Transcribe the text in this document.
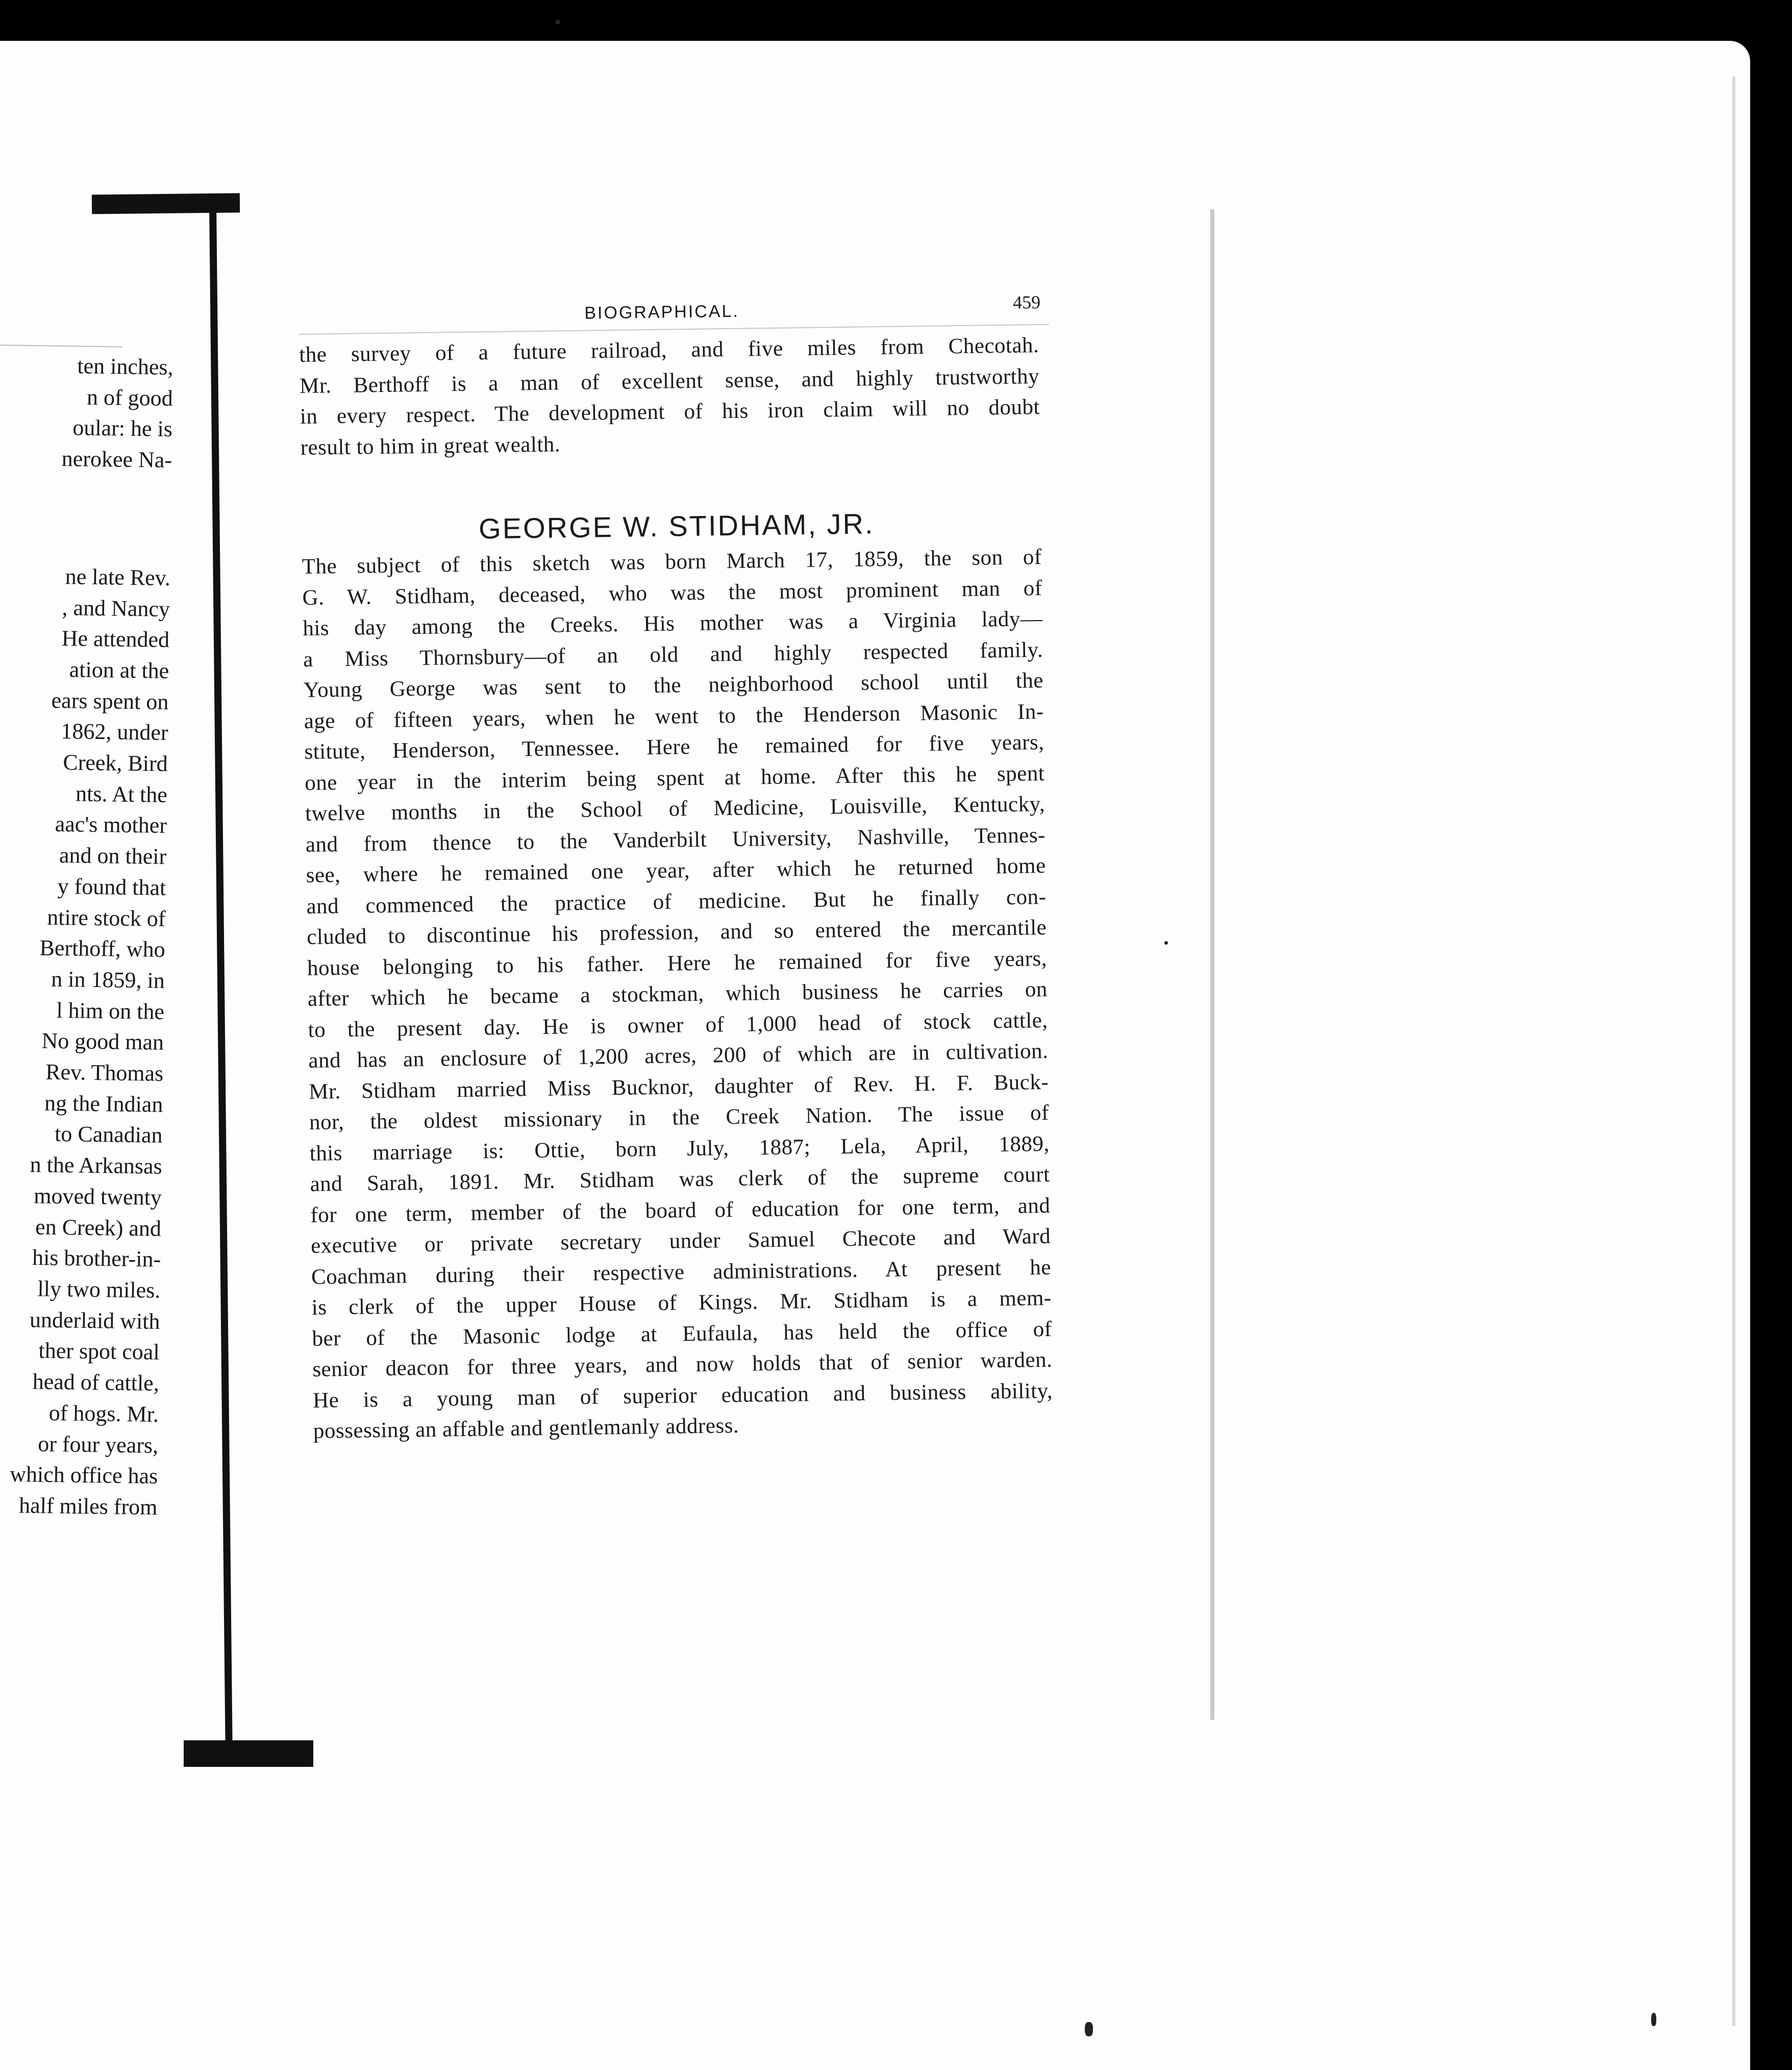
ten inches,
n of good
oular: he is
nerokee Na-
ne late Rev.
, and Nancy
He attended
ation at the
ears spent on
1862, under
Creek, Bird
nts. At the
aac's mother
and on their
y found that
ntire stock of
Berthoff, who
n in 1859, in
l him on the
No good man
Rev. Thomas
ng the Indian
to Canadian
n the Arkansas
moved twenty
en Creek) and
his brother-in-
lly two miles.
underlaid with
ther spot coal
head of cattle,
of hogs. Mr.
or four years,
which office has
half miles from
BIOGRAPHICAL.	459
the survey of a future railroad, and five miles from Checotah.
Mr. Berthoff is a man of excellent sense, and highly trustworthy
in every respect. The development of his iron claim will no doubt
result to him in great wealth.
GEORGE W. STIDHAM, JR.
The subject of this sketch was born March 17, 1859, the son of
G. W. Stidham, deceased, who was the most prominent man of
his day among the Creeks. His mother was a Virginia lady—
a Miss Thornsbury—of an old and highly respected family.
Young George was sent to the neighborhood school until the
age of fifteen years, when he went to the Henderson Masonic In-
stitute, Henderson, Tennessee. Here he remained for five years,
one year in the interim being spent at home. After this he spent
twelve months in the School of Medicine, Louisville, Kentucky,
and from thence to the Vanderbilt University, Nashville, Tennes-
see, where he remained one year, after which he returned home
and commenced the practice of medicine. But he finally con-
cluded to discontinue his profession, and so entered the mercantile
house belonging to his father. Here he remained for five years,
after which he became a stockman, which business he carries on
to the present day. He is owner of 1,000 head of stock cattle,
and has an enclosure of 1,200 acres, 200 of which are in cultivation.
Mr. Stidham married Miss Bucknor, daughter of Rev. H. F. Buck-
nor, the oldest missionary in the Creek Nation. The issue of
this marriage is: Ottie, born July, 1887; Lela, April, 1889,
and Sarah, 1891. Mr. Stidham was clerk of the supreme court
for one term, member of the board of education for one term, and
executive or private secretary under Samuel Checote and Ward
Coachman during their respective administrations. At present he
is clerk of the upper House of Kings. Mr. Stidham is a mem-
ber of the Masonic lodge at Eufaula, has held the office of
senior deacon for three years, and now holds that of senior warden.
He is a young man of superior education and business ability,
possessing an affable and gentlemanly address.
